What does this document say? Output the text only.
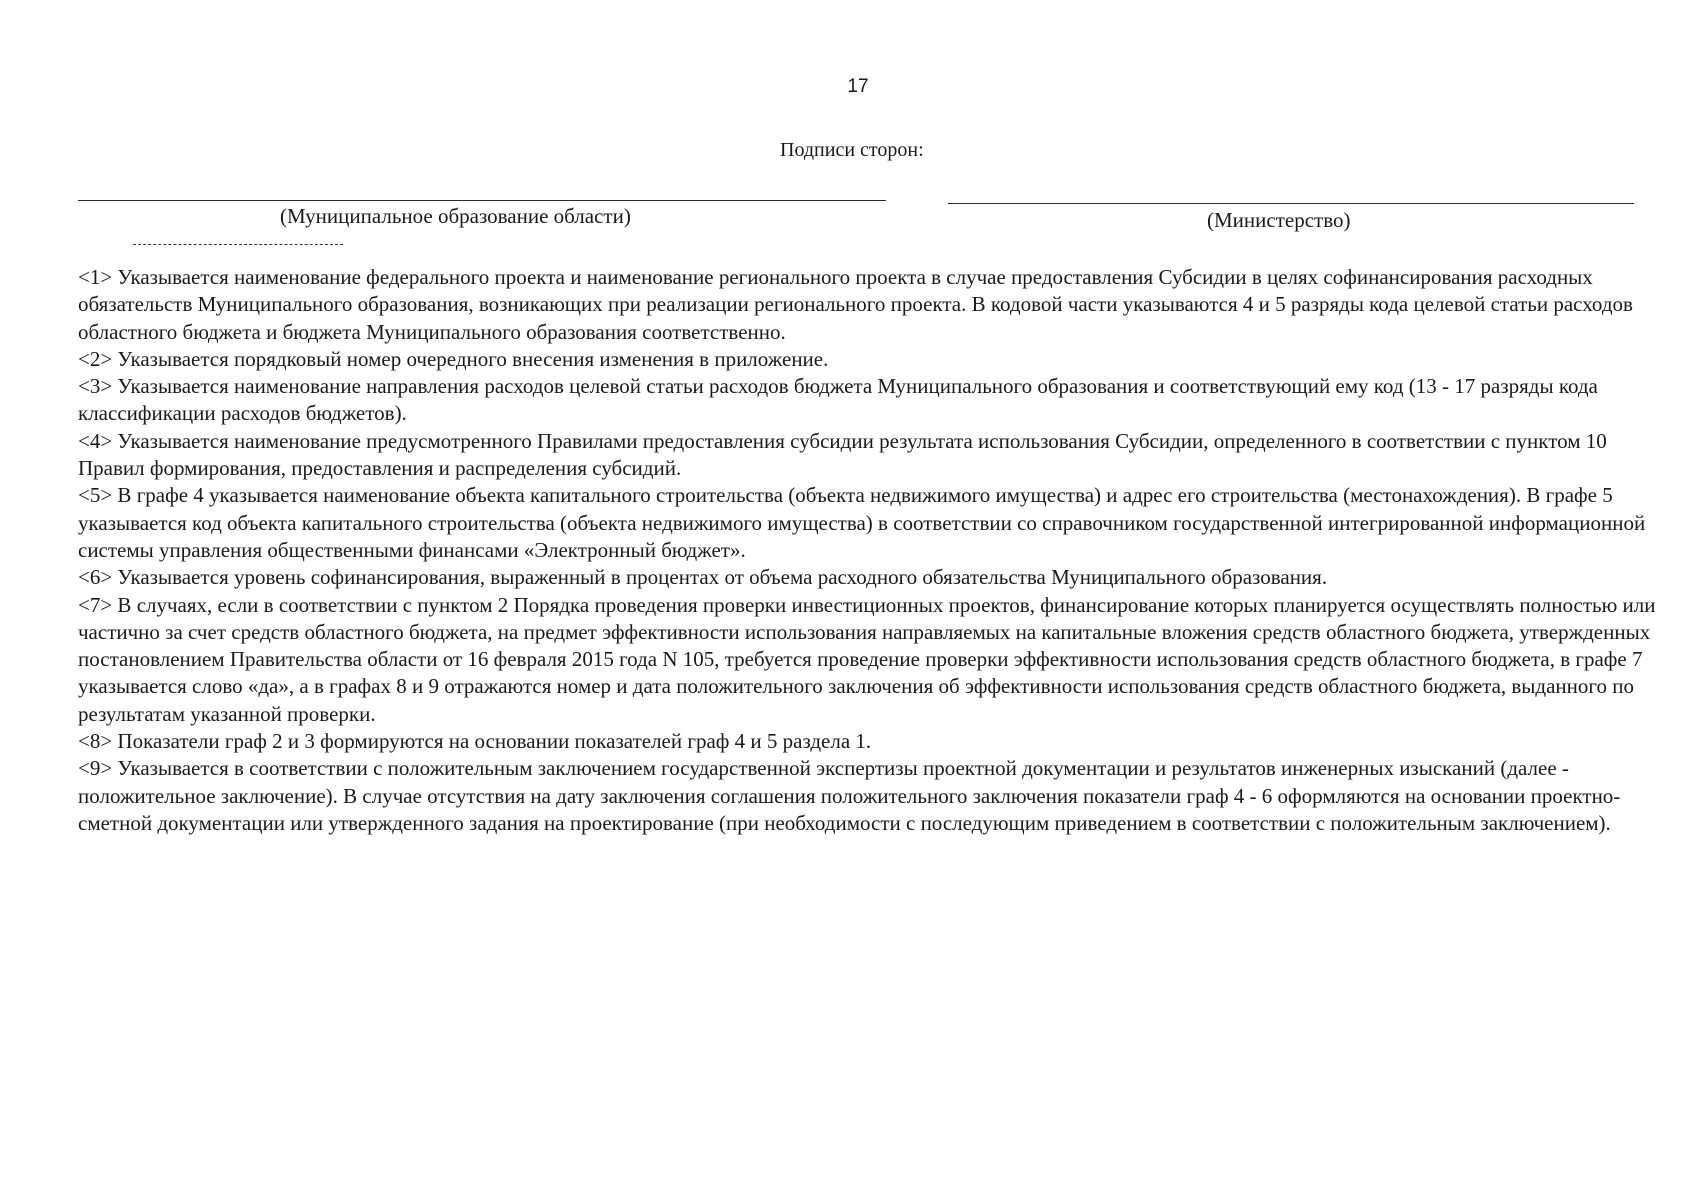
17
Подписи сторон:
(Муниципальное образование области)	(Министерство)

<1> Указывается наименование федерального проекта и наименование регионального проекта в случае предоставления Субсидии в целях софинансирования расходных обязательств Муниципального образования, возникающих при реализации регионального проекта. В кодовой части указываются 4 и 5 разряды кода целевой статьи расходов областного бюджета и бюджета Муниципального образования соответственно.

<2> Указывается порядковый номер очередного внесения изменения в приложение.

<3> Указывается наименование направления расходов целевой статьи расходов бюджета Муниципального образования и соответствующий ему код (13 - 17 разряды кода классификации расходов бюджетов).

<4> Указывается наименование предусмотренного Правилами предоставления субсидии результата использования Субсидии, определенного в соответствии с пунктом 10 Правил формирования, предоставления и распределения субсидий.

<5> В графе 4 указывается наименование объекта капитального строительства (объекта недвижимого имущества) и адрес его строительства (местонахождения). В графе 5 указывается код объекта капитального строительства (объекта недвижимого имущества) в соответствии со справочником государственной интегрированной информационной системы управления общественными финансами «Электронный бюджет».

<6> Указывается уровень софинансирования, выраженный в процентах от объема расходного обязательства Муниципального образования.

<7> В случаях, если в соответствии с пунктом 2 Порядка проведения проверки инвестиционных проектов, финансирование которых планируется осуществлять полностью или частично за счет средств областного бюджета, на предмет эффективности использования направляемых на капитальные вложения средств областного бюджета, утвержденных постановлением Правительства области от 16 февраля 2015 года N 105, требуется проведение проверки эффективности использования средств областного бюджета, в графе 7 указывается слово «да», а в графах 8 и 9 отражаются номер и дата положительного заключения об эффективности использования средств областного бюджета, выданного по результатам указанной проверки.

<8> Показатели граф 2 и 3 формируются на основании показателей граф 4 и 5 раздела 1.

<9> Указывается в соответствии с положительным заключением государственной экспертизы проектной документации и результатов инженерных изысканий (далее - положительное заключение). В случае отсутствия на дату заключения соглашения положительного заключения показатели граф 4 - 6 оформляются на основании проектно-сметной документации или утвержденного задания на проектирование (при необходимости с последующим приведением в соответствии с положительным заключением).
